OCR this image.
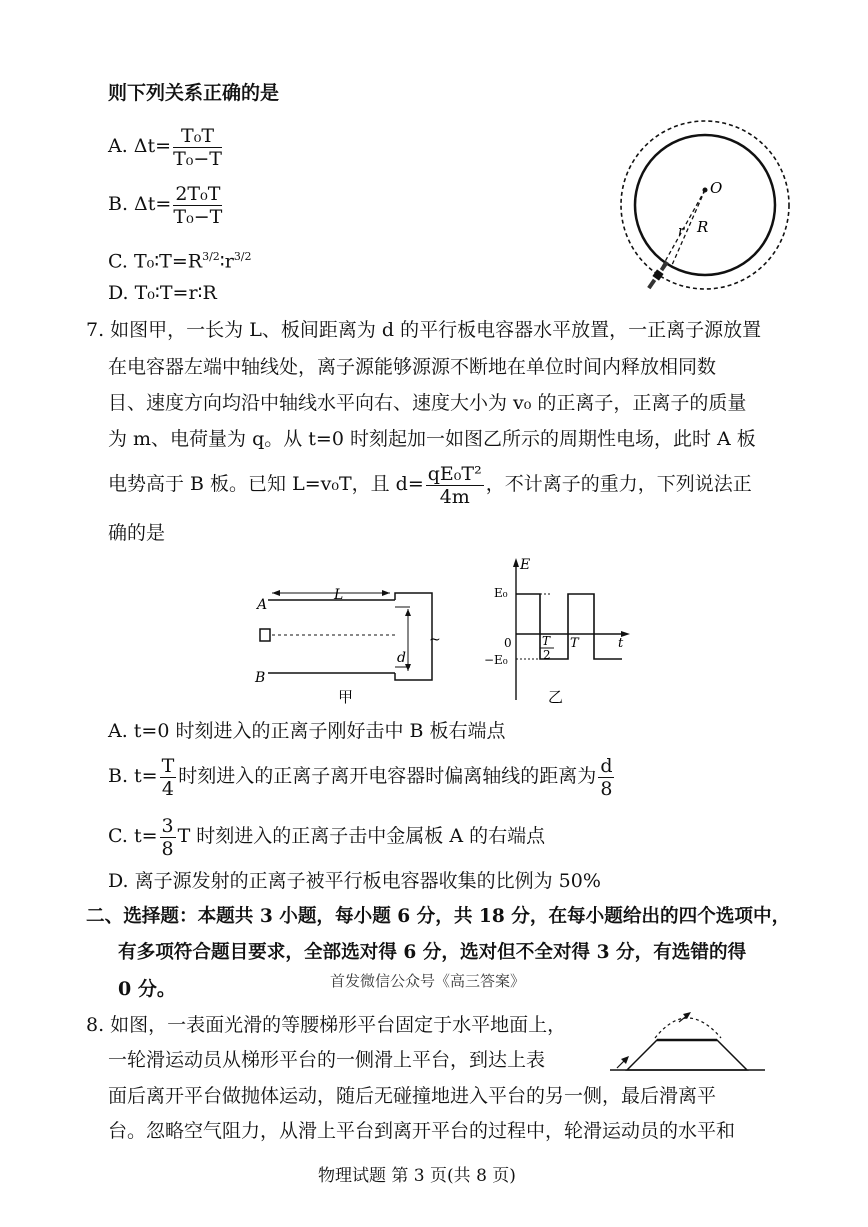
则下列关系正确的是
A. $\Delta t= \frac{\text{T₀T}}{\text{T₀−T}}$
B. $\Delta t= \frac{\text{2T₀T}}{\text{T₀−T}}$
C. $T_0∶T=R^{3/2}∶r^{3/2}$
D. T₀∶T=r∶R
O
r R
7. 如图甲，一长为 L、板间距离为 d 的平行板电容器水平放置，一正离子源放置
在电容器左端中轴线处，离子源能够源源不断地在单位时间内释放相同数
目、速度方向均沿中轴线水平向右、速度大小为 v₀ 的正离子，正离子的质量
为 m、电荷量为 q。从 t=0 时刻起加一如图乙所示的周期性电场，此时 A 板
电势高于 B 板。已知 L=v₀T，且 $d= \frac{\text{qE₀T²}}{4m}$ ，不计离子的重力，下列说法正
确的是
A
B
L
d
~
甲
E
E₀
−E₀
0	T
2
T	t
乙
A. t=0 时刻进入的正离子刚好击中 B 板右端点
B. $t= \frac{T}{4}$ 时刻进入的正离子离开电容器时偏离轴线的距离为 $\frac{d}{8}$
C. $t= \frac{3}{8}$ T 时刻进入的正离子击中金属板 A 的右端点
D. 离子源发射的正离子被平行板电容器收集的比例为 50%
二、选择题：本题共 3 小题，每小题 6 分，共 18 分，在每小题给出的四个选项中，
有多项符合题目要求，全部选对得 6 分，选对但不全对得 3 分，有选错的得
首发微信公众号《高三答案》
0 分。
8. 如图，一表面光滑的等腰梯形平台固定于水平地面上，
一轮滑运动员从梯形平台的一侧滑上平台，到达上表
面后离开平台做抛体运动，随后无碰撞地进入平台的另一侧，最后滑离平
台。忽略空气阻力，从滑上平台到离开平台的过程中，轮滑运动员的水平和
物理试题 第 3 页(共 8 页)
